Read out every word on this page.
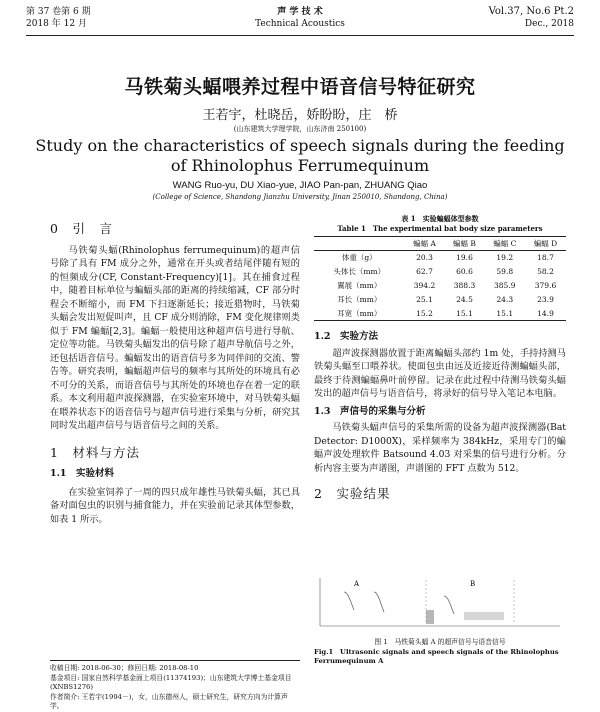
第 37 卷第 6 期
2018 年 12 月
声 学 技 术
Technical Acoustics
Vol.37, No.6 Pt.2
Dec., 2018
马铁菊头蝠喂养过程中语音信号特征研究
王若宇，杜晓岳，娇盼盼，庄　桥
(山东建筑大学理学院，山东济南 250100)
Study on the characteristics of speech signals during the feeding
of Rhinolophus Ferrumequinum
WANG Ruo-yu, DU Xiao-yue, JIAO Pan-pan, ZHUANG Qiao
(College of Science, Shandong Jianzhu University, Jinan 250010, Shandong, China)
0　引　言
马铁菊头蝠(Rhinolophus ferrumequinum)的超声信号除了具有 FM 成分之外，通常在开头或者结尾伴随有短的的恒频成分(CF, Constant-Frequency)[1]。其在捕食过程中，随着目标单位与蝙蝠头部的距离的持续缩减，CF 部分时程会不断缩小，而 FM 下扫逐渐延长；接近猎物时，马铁菊头蝠会发出短促叫声，且 CF 成分则消除，FM 变化规律则类似于 FM 蝙蝠[2,3]。蝙蝠一般使用这种超声信号进行导航、定位等功能。马铁菊头蝠发出的信号除了超声导航信号之外，还包括语音信号。蝙蝠发出的语音信号多为同伴间的交流、警告等。研究表明，蝙蝠超声信号的频率与其所处的环境具有必不可分的关系，而语音信号与其所处的环境也存在着一定的联系。本文利用超声波探测器，在实验室环境中，对马铁菊头蝠在喂养状态下的语音信号与超声信号进行采集与分析，研究其同时发出超声信号与语音信号之间的关系。
1　材料与方法
1.1　实验材料
在实验室饲养了一周的四只成年雄性马铁菊头蝠，其已具备对面包虫的识别与捕食能力，并在实验前记录其体型参数，如表 1 所示。
收稿日期: 2018-06-30；修回日期: 2018-08-10
基金项目: 国家自然科学基金面上项目(11374193)；山东建筑大学博士基金项目(XNBS1276)
作者简介: 王若宇(1994－)，女，山东德州人，硕士研究生，研究方向为计算声学。
表 1　实验蝙蝠体型参数
Table 1　The experimental bat body size parameters
	蝙蝠 A	蝙蝠 B	蝙蝠 C	蝙蝠 D
体重（g）	20.3	19.6	19.2	18.7
头体长（mm）	62.7	60.6	59.8	58.2
翼展（mm）	394.2	388.3	385.9	379.6
耳长（mm）	25.1	24.5	24.3	23.9
耳宽（mm）	15.2	15.1	15.1	14.9
1.2　实验方法
超声波探测器放置于距离蝙蝠头部约 1m 处，手持持测马铁菊头蝠至口喂养状。使面包虫由远及近接近待测蝙蝠头部，最终于待测蝙蝠鼻叶前停留。记录在此过程中待测马铁菊头蝠发出的超声信号与语音信号，将录好的信号导入笔记本电脑。
1.3　声信号的采集与分析
马铁菊头蝠声信号的采集所需的设备为超声波探测器(Bat Detector: D1000X)，采样频率为 384kHz，采用专门的蝙蝠声波处理软件 Batsound 4.03 对采集的信号进行分析。分析内容主要为声谱图，声谱图的 FFT 点数为 512。
2　实验结果
A	B
图 1　马铁菊头蝠 A 的超声信号与语音信号
Fig.1　Ultrasonic signals and speech signals of the Rhinolophus Ferrumequinum A
